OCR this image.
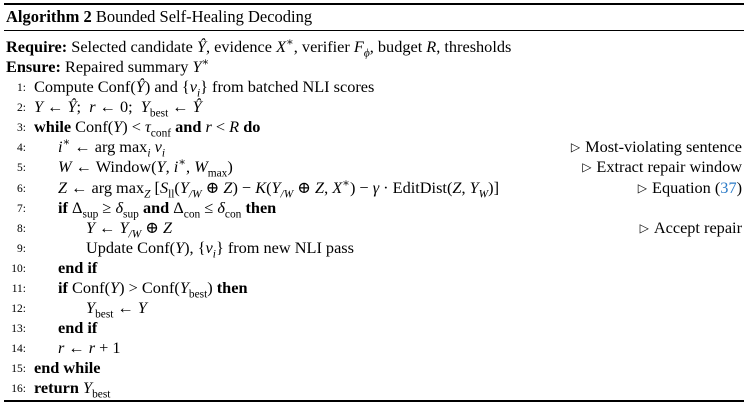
Algorithm 2 Bounded Self-Healing Decoding
Require: Selected candidate Ŷ, evidence X∗, verifier $F_\phi$, budget R, thresholds
Ensure: Repaired summary Y∗
1: Compute Conf(Ŷ) and $\{v_i\}$ from batched NLI scores
2: Y ← Ŷ;  r ← 0;  $Y_{best}$ ← Ŷ
3: while Conf(Y) < $\tau_{conf}$ and r < R do
4: i∗ ← arg $\max_i v_i$	▷ Most-violating sentence
5: W ← Window(Y, i∗, $W_{max}$)	▷ Extract repair window
6: Z ← arg $\max_Z [S_{ll}(Y_{/W}$ ⊕ $Z) - K(Y_{/W}$ ⊕ Z, X∗) − γ · EditDist(Z, $Y_W$)]	▷ Equation (37)
7: if $\Delta_{sup} \ge \delta_{sup}$ and $\Delta_{con} \le \delta_{con}$ then
8:	Y ← $Y_{/W}$ ⊕ Z	▷ Accept repair
9:	Update Conf(Y), $\{v_i\}$ from new NLI pass
10: end if
11: if Conf(Y) > $Conf(Y_{best})$ then
12:	$Y_{best}$ ← Y
13: end if
14: r ← r + 1
15: end while
16: return $Y_{best}$
